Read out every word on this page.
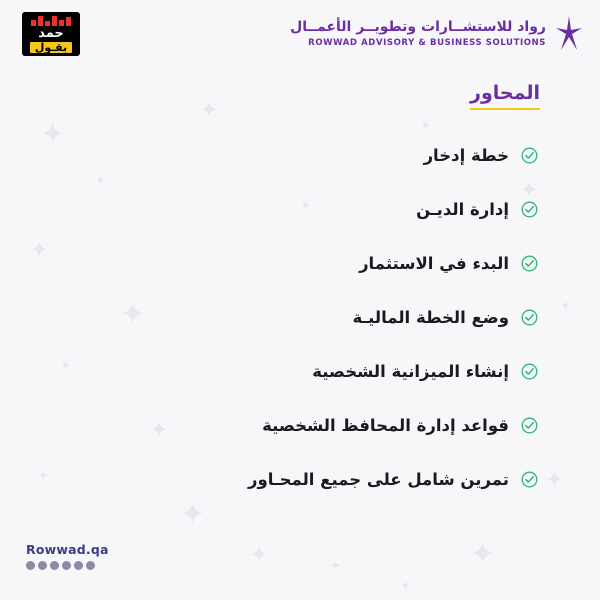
✦
✦
✦
✦
✦
✦
✦
✦	✦	✦
✦
✦
✦
✦
✦
✦
✦
✦
حمد
بقـول
رواد للاستشــارات وتطويــر الأعمــال
ROWWAD ADVISORY & BUSINESS SOLUTIONS
المحاور
خطة إدخار
إدارة الديـن
البدء في الاستثمار
وضع الخطة الماليـة
إنشاء الميزانية الشخصية
قواعد إدارة المحافظ الشخصية
تمرين شامل على جميع المحـاور
Rowwad.qa
